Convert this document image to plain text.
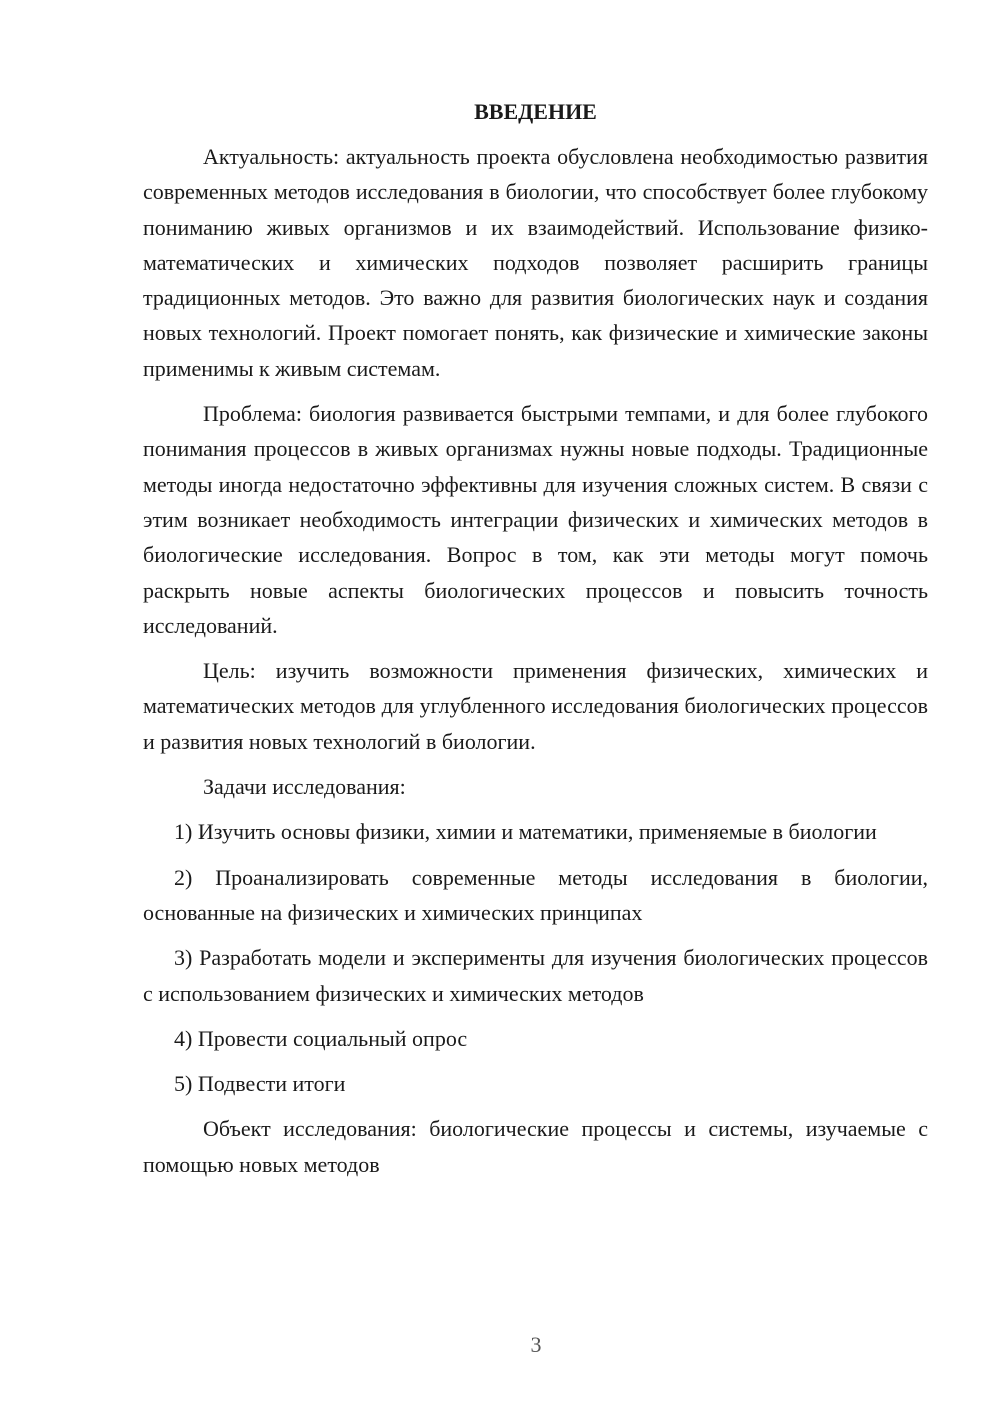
ВВЕДЕНИЕ

Актуальность: актуальность проекта обусловлена необходимостью развития современных методов исследования в биологии, что способствует более глубокому пониманию живых организмов и их взаимодействий. Использование физико-математических и химических подходов позволяет расширить границы традиционных методов. Это важно для развития биологических наук и создания новых технологий. Проект помогает понять, как физические и химические законы применимы к живым системам.

Проблема: биология развивается быстрыми темпами, и для более глубокого понимания процессов в живых организмах нужны новые подходы. Традиционные методы иногда недостаточно эффективны для изучения сложных систем. В связи с этим возникает необходимость интеграции физических и химических методов в биологические исследования. Вопрос в том, как эти методы могут помочь раскрыть новые аспекты биологических процессов и повысить точность исследований.

Цель: изучить возможности применения физических, химических и математических методов для углубленного исследования биологических процессов и развития новых технологий в биологии.

Задачи исследования:

1) Изучить основы физики, химии и математики, применяемые в биологии

2) Проанализировать современные методы исследования в биологии, основанные на физических и химических принципах

3) Разработать модели и эксперименты для изучения биологических процессов с использованием физических и химических методов

4) Провести социальный опрос

5) Подвести итоги

Объект исследования: биологические процессы и системы, изучаемые с помощью новых методов

3
